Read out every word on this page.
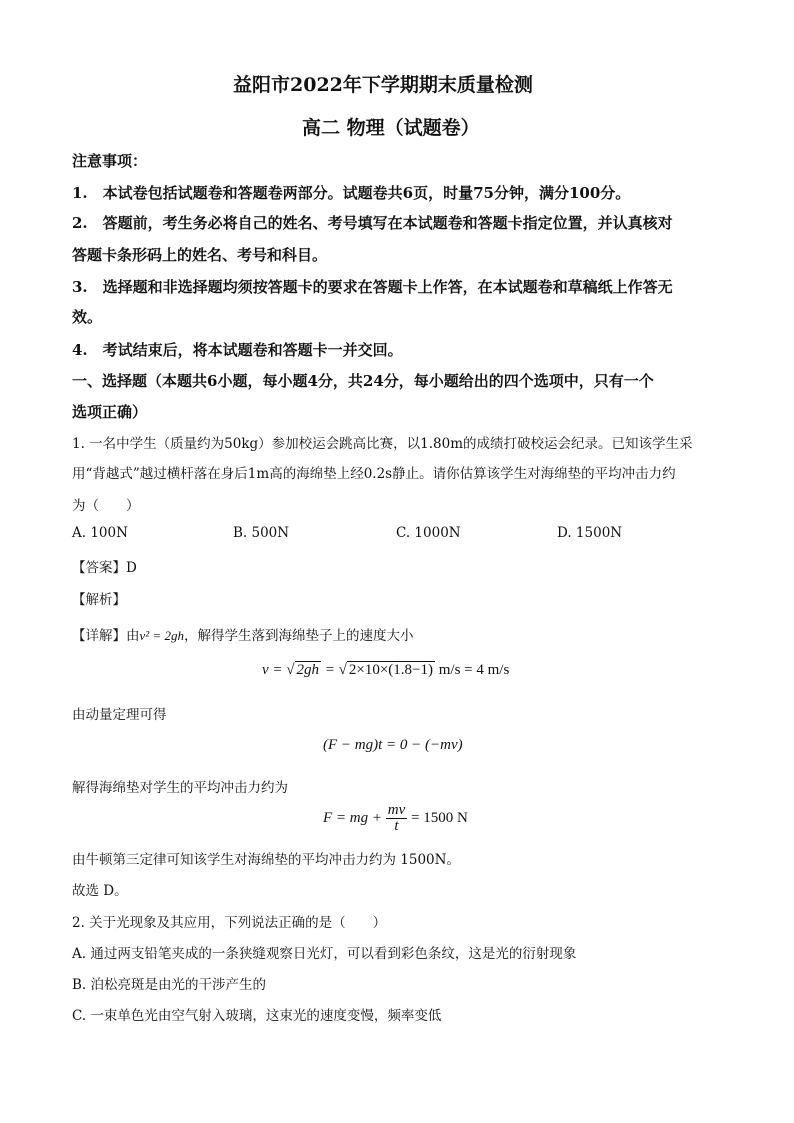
益阳市2022年下学期期末质量检测
高二 物理（试题卷）
注意事项：
1.　本试卷包括试题卷和答题卷两部分。试题卷共6页，时量75分钟，满分100分。
2.　答题前，考生务必将自己的姓名、考号填写在本试题卷和答题卡指定位置，并认真核对
答题卡条形码上的姓名、考号和科目。
3.　选择题和非选择题均须按答题卡的要求在答题卡上作答，在本试题卷和草稿纸上作答无
效。
4.　考试结束后，将本试题卷和答题卡一并交回。
一、选择题（本题共6小题，每小题4分，共24分，每小题给出的四个选项中，只有一个
选项正确）
1. 一名中学生（质量约为50kg）参加校运会跳高比赛，以1.80m的成绩打破校运会纪录。已知该学生采
用“背越式”越过横杆落在身后1m高的海绵垫上经0.2s静止。请你估算该学生对海绵垫的平均冲击力约
为（　　）
A. 100N	B. 500N	C. 1000N	D. 1500N
【答案】D
【解析】
【详解】由v² = 2gh，解得学生落到海绵垫子上的速度大小
v = √ 2gh = √ 2×10×(1.8−1) m/s = 4 m/s
由动量定理可得
(F − mg)t = 0 − (−mv)
解得海绵垫对学生的平均冲击力约为
F = mg + $\frac{mv}{t} = 1500$ N
由牛顿第三定律可知该学生对海绵垫的平均冲击力约为 1500N。
故选 D。
2. 关于光现象及其应用，下列说法正确的是（　　）
A. 通过两支铅笔夹成的一条狭缝观察日光灯，可以看到彩色条纹，这是光的衍射现象
B. 泊松亮斑是由光的干涉产生的
C. 一束单色光由空气射入玻璃，这束光的速度变慢，频率变低
